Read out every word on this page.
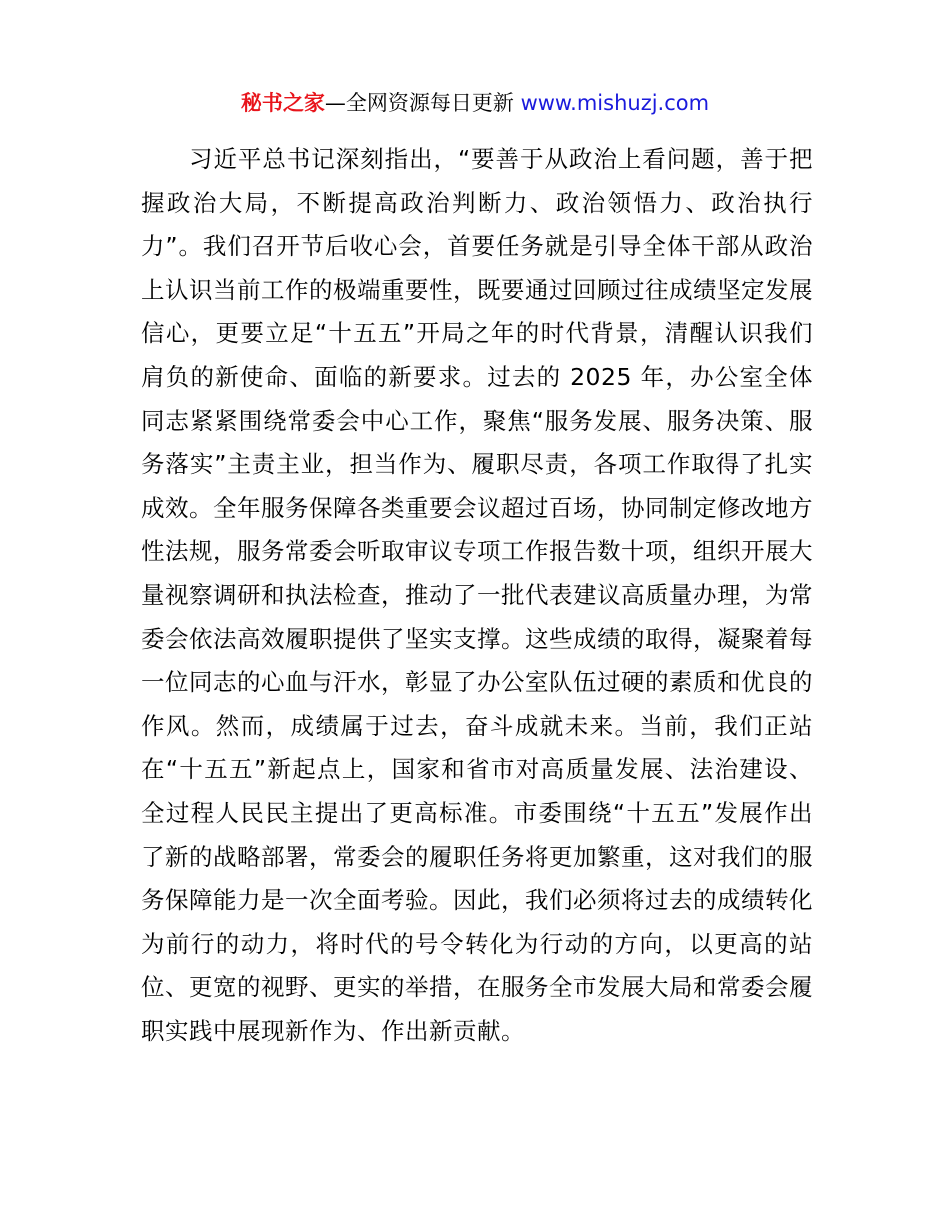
秘书之家—全网资源每日更新 www.mishuzj.com

习近平总书记深刻指出，“要善于从政治上看问题，善于把握政治大局，不断提高政治判断力、政治领悟力、政治执行力”。我们召开节后收心会，首要任务就是引导全体干部从政治上认识当前工作的极端重要性，既要通过回顾过往成绩坚定发展信心，更要立足“十五五”开局之年的时代背景，清醒认识我们肩负的新使命、面临的新要求。过去的 2025 年，办公室全体同志紧紧围绕常委会中心工作，聚焦“服务发展、服务决策、服务落实”主责主业，担当作为、履职尽责，各项工作取得了扎实成效。全年服务保障各类重要会议超过百场，协同制定修改地方性法规，服务常委会听取审议专项工作报告数十项，组织开展大量视察调研和执法检查，推动了一批代表建议高质量办理，为常委会依法高效履职提供了坚实支撑。这些成绩的取得，凝聚着每一位同志的心血与汗水，彰显了办公室队伍过硬的素质和优良的作风。然而，成绩属于过去，奋斗成就未来。当前，我们正站在“十五五”新起点上，国家和省市对高质量发展、法治建设、全过程人民民主提出了更高标准。市委围绕“十五五”发展作出了新的战略部署，常委会的履职任务将更加繁重，这对我们的服务保障能力是一次全面考验。因此，我们必须将过去的成绩转化为前行的动力，将时代的号令转化为行动的方向，以更高的站位、更宽的视野、更实的举措，在服务全市发展大局和常委会履职实践中展现新作为、作出新贡献。
